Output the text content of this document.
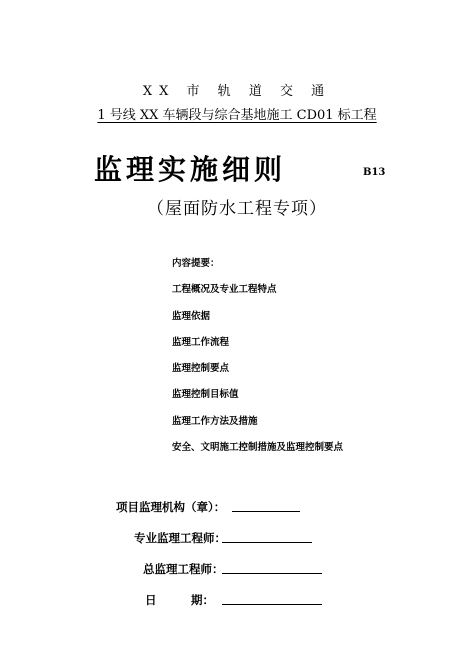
XX 市 轨 道 交 通
1 号线 XX 车辆段与综合基地施工 CD01 标工程
监理实施细则	B13
（屋面防水工程专项）
内容提要：
工程概况及专业工程特点
监理依据
监理工作流程
监理控制要点
监理控制目标值
监理工作方法及措施
安全、文明施工控制措施及监理控制要点
项目监理机构（章）：
专业监理工程师：
总监理工程师：
日　　　期：
